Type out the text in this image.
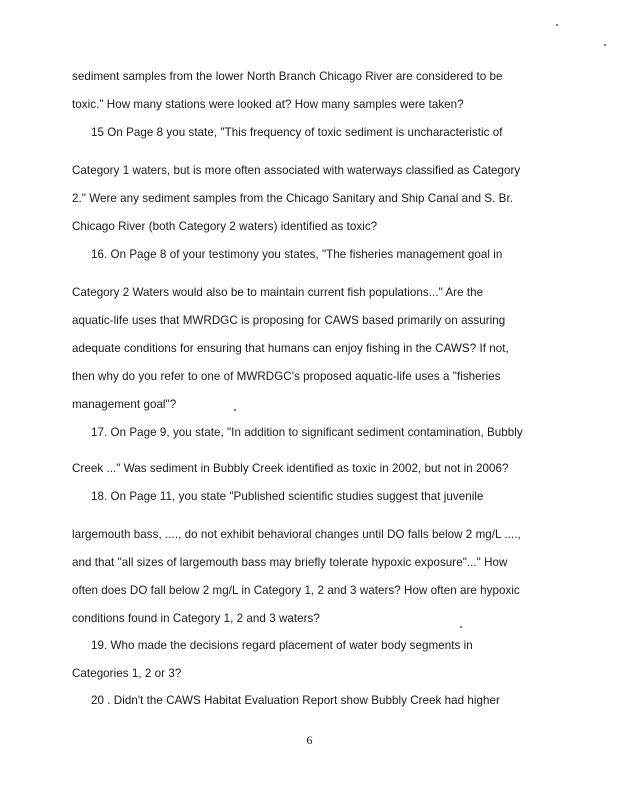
sediment samples from the lower North Branch Chicago River are considered to be
toxic." How many stations were looked at? How many samples were taken?
15 On Page 8 you state, "This frequency of toxic sediment is uncharacteristic of
Category 1 waters, but is more often associated with waterways classified as Category
2." Were any sediment samples from the Chicago Sanitary and Ship Canal and S. Br.
Chicago River (both Category 2 waters) identified as toxic?
16. On Page 8 of your testimony you states, "The fisheries management goal in
Category 2 Waters would also be to maintain current fish populations..." Are the
aquatic-life uses that MWRDGC is proposing for CAWS based primarily on assuring
adequate conditions for ensuring that humans can enjoy fishing in the CAWS? If not,
then why do you refer to one of MWRDGC's proposed aquatic-life uses a "fisheries
management goal"?
17. On Page 9, you state, "In addition to significant sediment contamination, Bubbly
Creek ..." Was sediment in Bubbly Creek identified as toxic in 2002, but not in 2006?
18. On Page 11, you state "Published scientific studies suggest that juvenile
largemouth bass, ...., do not exhibit behavioral changes until DO falls below 2 mg/L ....,
and that "all sizes of largemouth bass may briefly tolerate hypoxic exposure"..." How
often does DO fall below 2 mg/L in Category 1, 2 and 3 waters? How often are hypoxic
conditions found in Category 1, 2 and 3 waters?
19. Who made the decisions regard placement of water body segments in
Categories 1, 2 or 3?
20 . Didn't the CAWS Habitat Evaluation Report show Bubbly Creek had higher
6
